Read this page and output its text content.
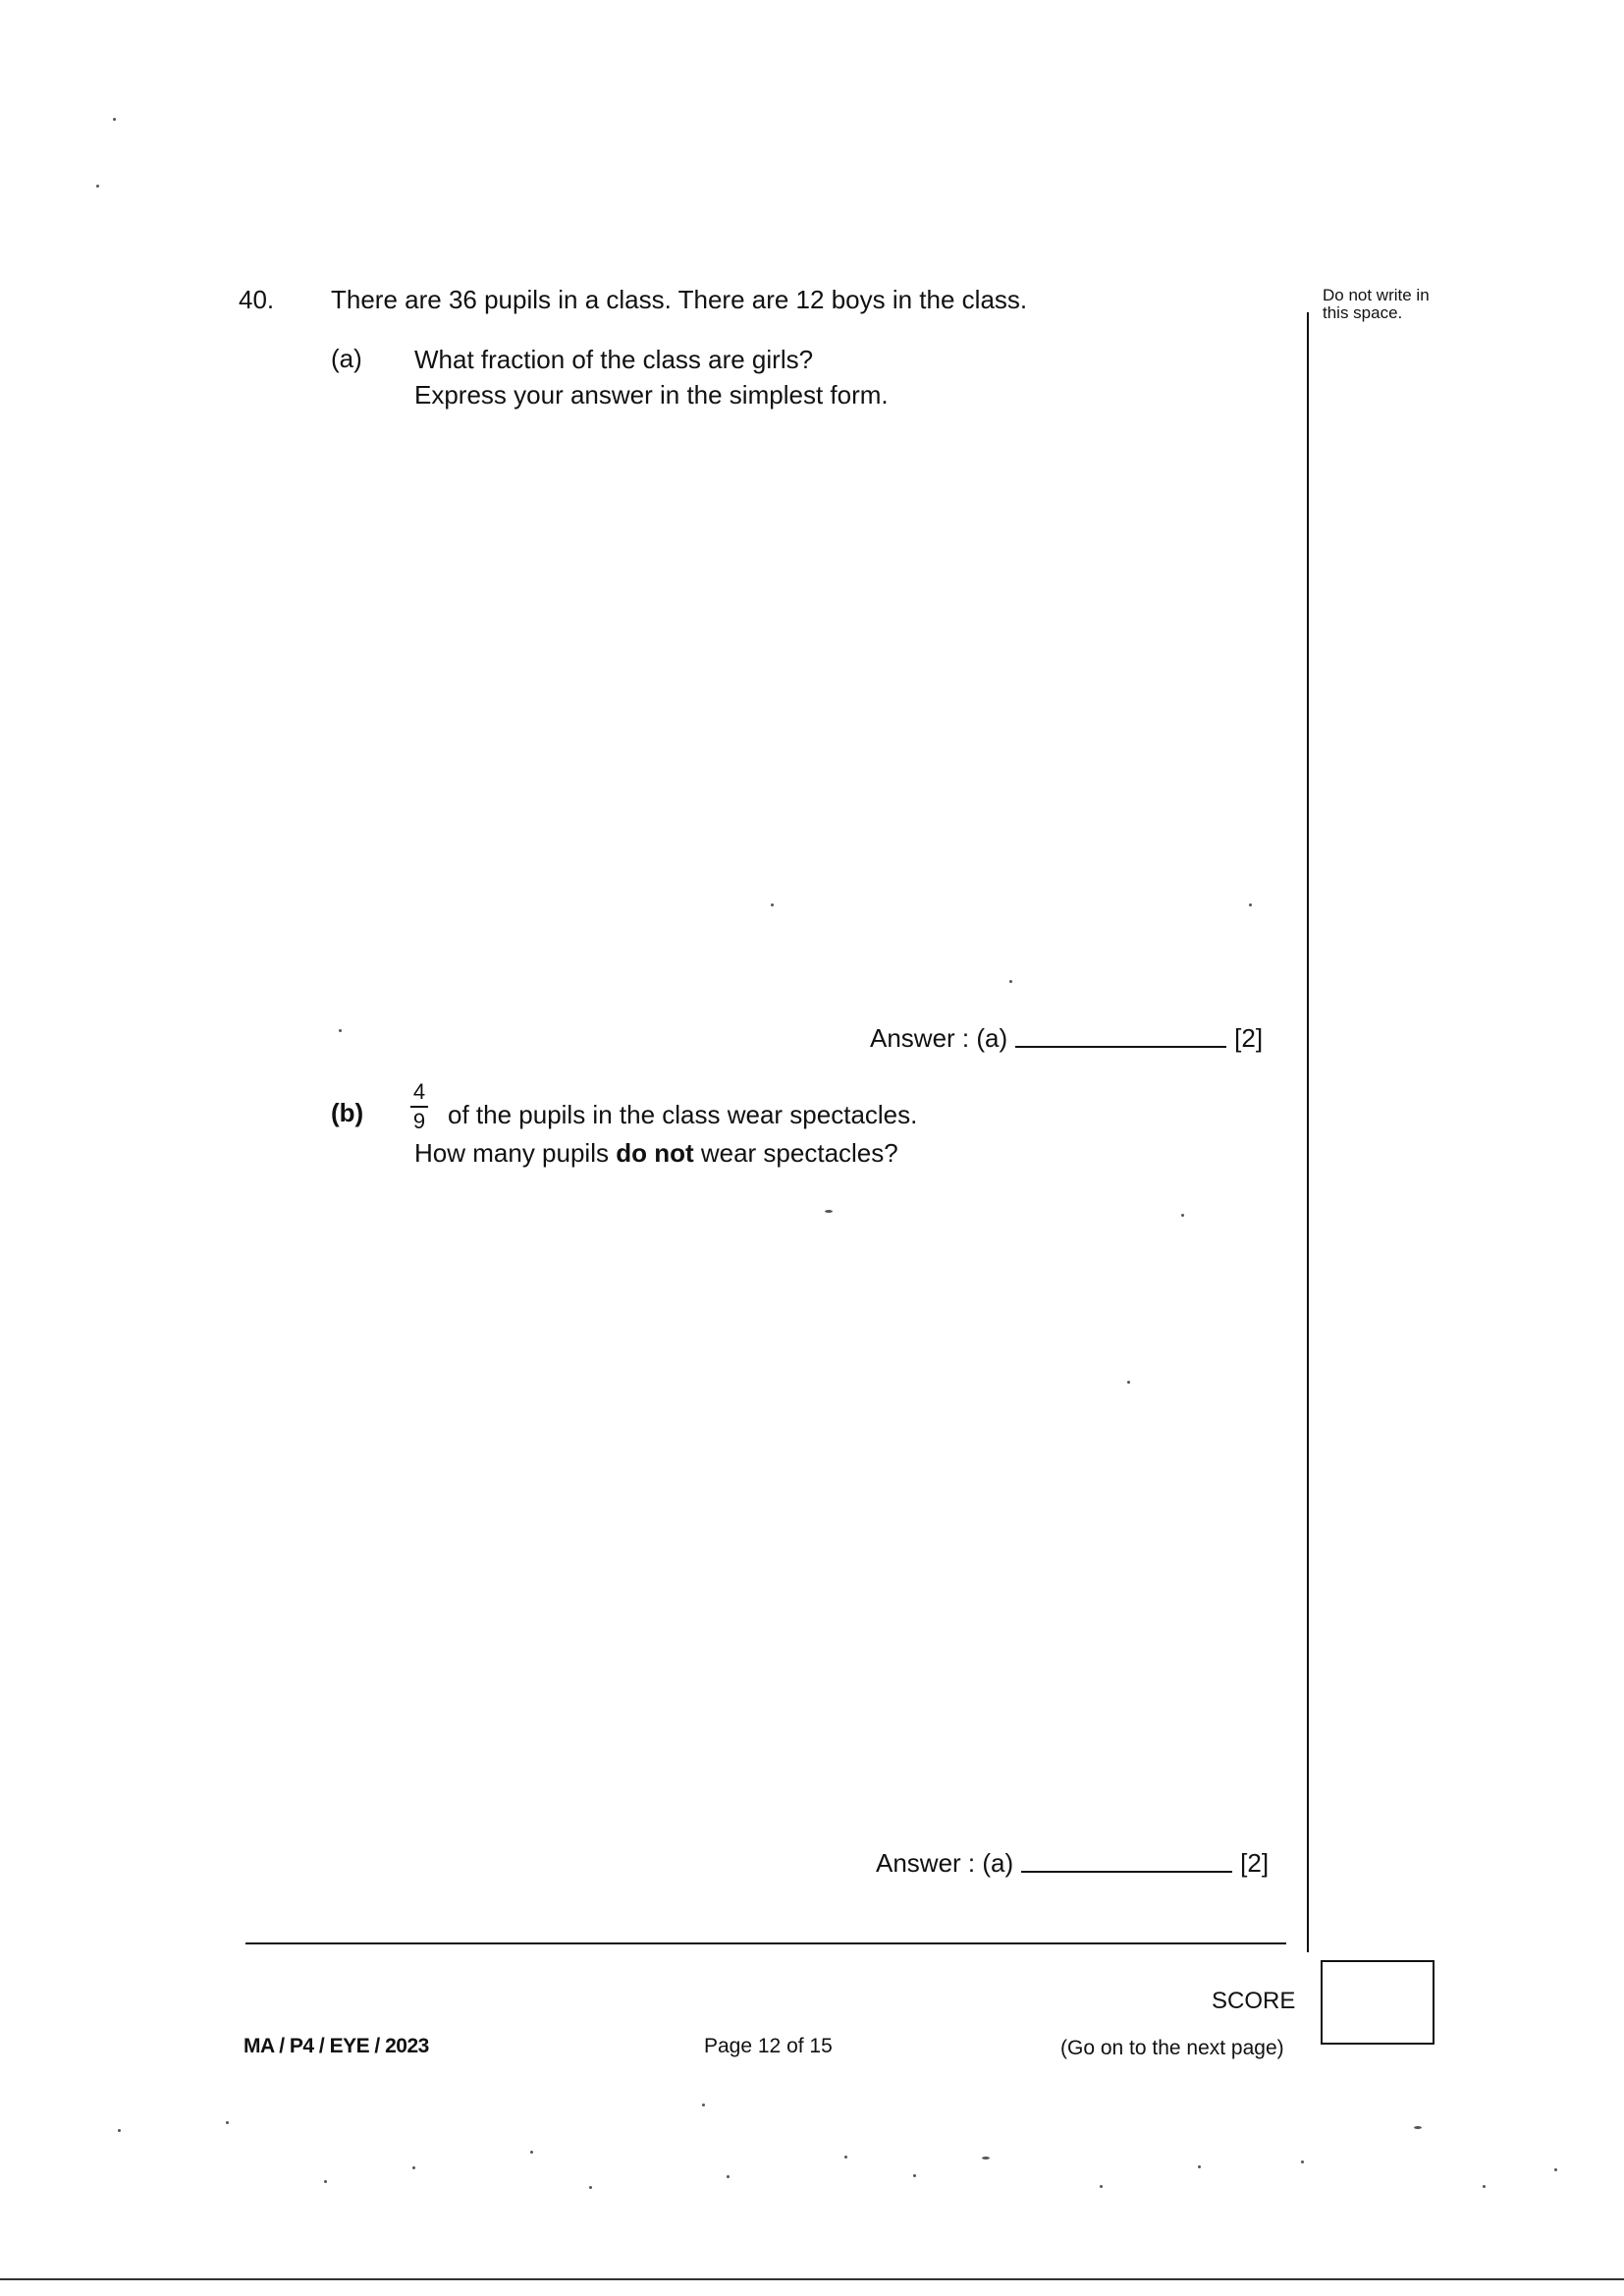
40. There are 36 pupils in a class. There are 12 boys in the class.	Do not write in this space.
(a) What fraction of the class are girls?
Express your answer in the simplest form.
Answer : (a)	[2]
(b)
4
9 of the pupils in the class wear spectacles.
How many pupils do not wear spectacles?
Answer : (a)	[2]
SCORE
MA / P4 / EYE / 2023	Page 12 of 15	(Go on to the next page)
